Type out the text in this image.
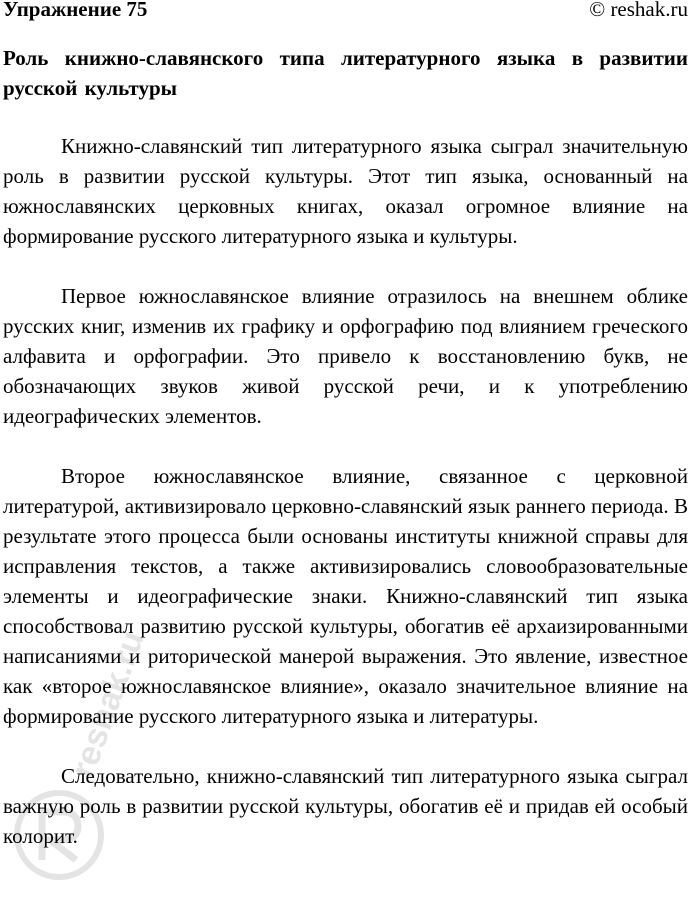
Упражнение 75	© reshak.ru
Роль книжно-славянского типа литературного языка в развитии русской культуры

Книжно-славянский тип литературного языка сыграл значительную роль в развитии русской культуры. Этот тип языка, основанный на южнославянских церковных книгах, оказал огромное влияние на формирование русского литературного языка и культуры.

Первое южнославянское влияние отразилось на внешнем облике русских книг, изменив их графику и орфографию под влиянием греческого алфавита и орфографии. Это привело к восстановлению букв, не обозначающих звуков живой русской речи, и к употреблению идеографических элементов.

Второе южнославянское влияние, связанное с церковной литературой, активизировало церковно-славянский язык раннего периода. В результате этого процесса были основаны институты книжной справы для исправления текстов, а также активизировались словообразовательные элементы и идеографические знаки. Книжно-славянский тип языка способствовал развитию русской культуры, обогатив её архаизированными написаниями и риторической манерой выражения. Это явление, известное как «второе южнославянское влияние», оказало значительное влияние на формирование русского литературного языка и литературы.

Следовательно, книжно-славянский тип литературного языка сыграл важную роль в развитии русской культуры, обогатив её и придав ей особый колорит.

reshak.ru
